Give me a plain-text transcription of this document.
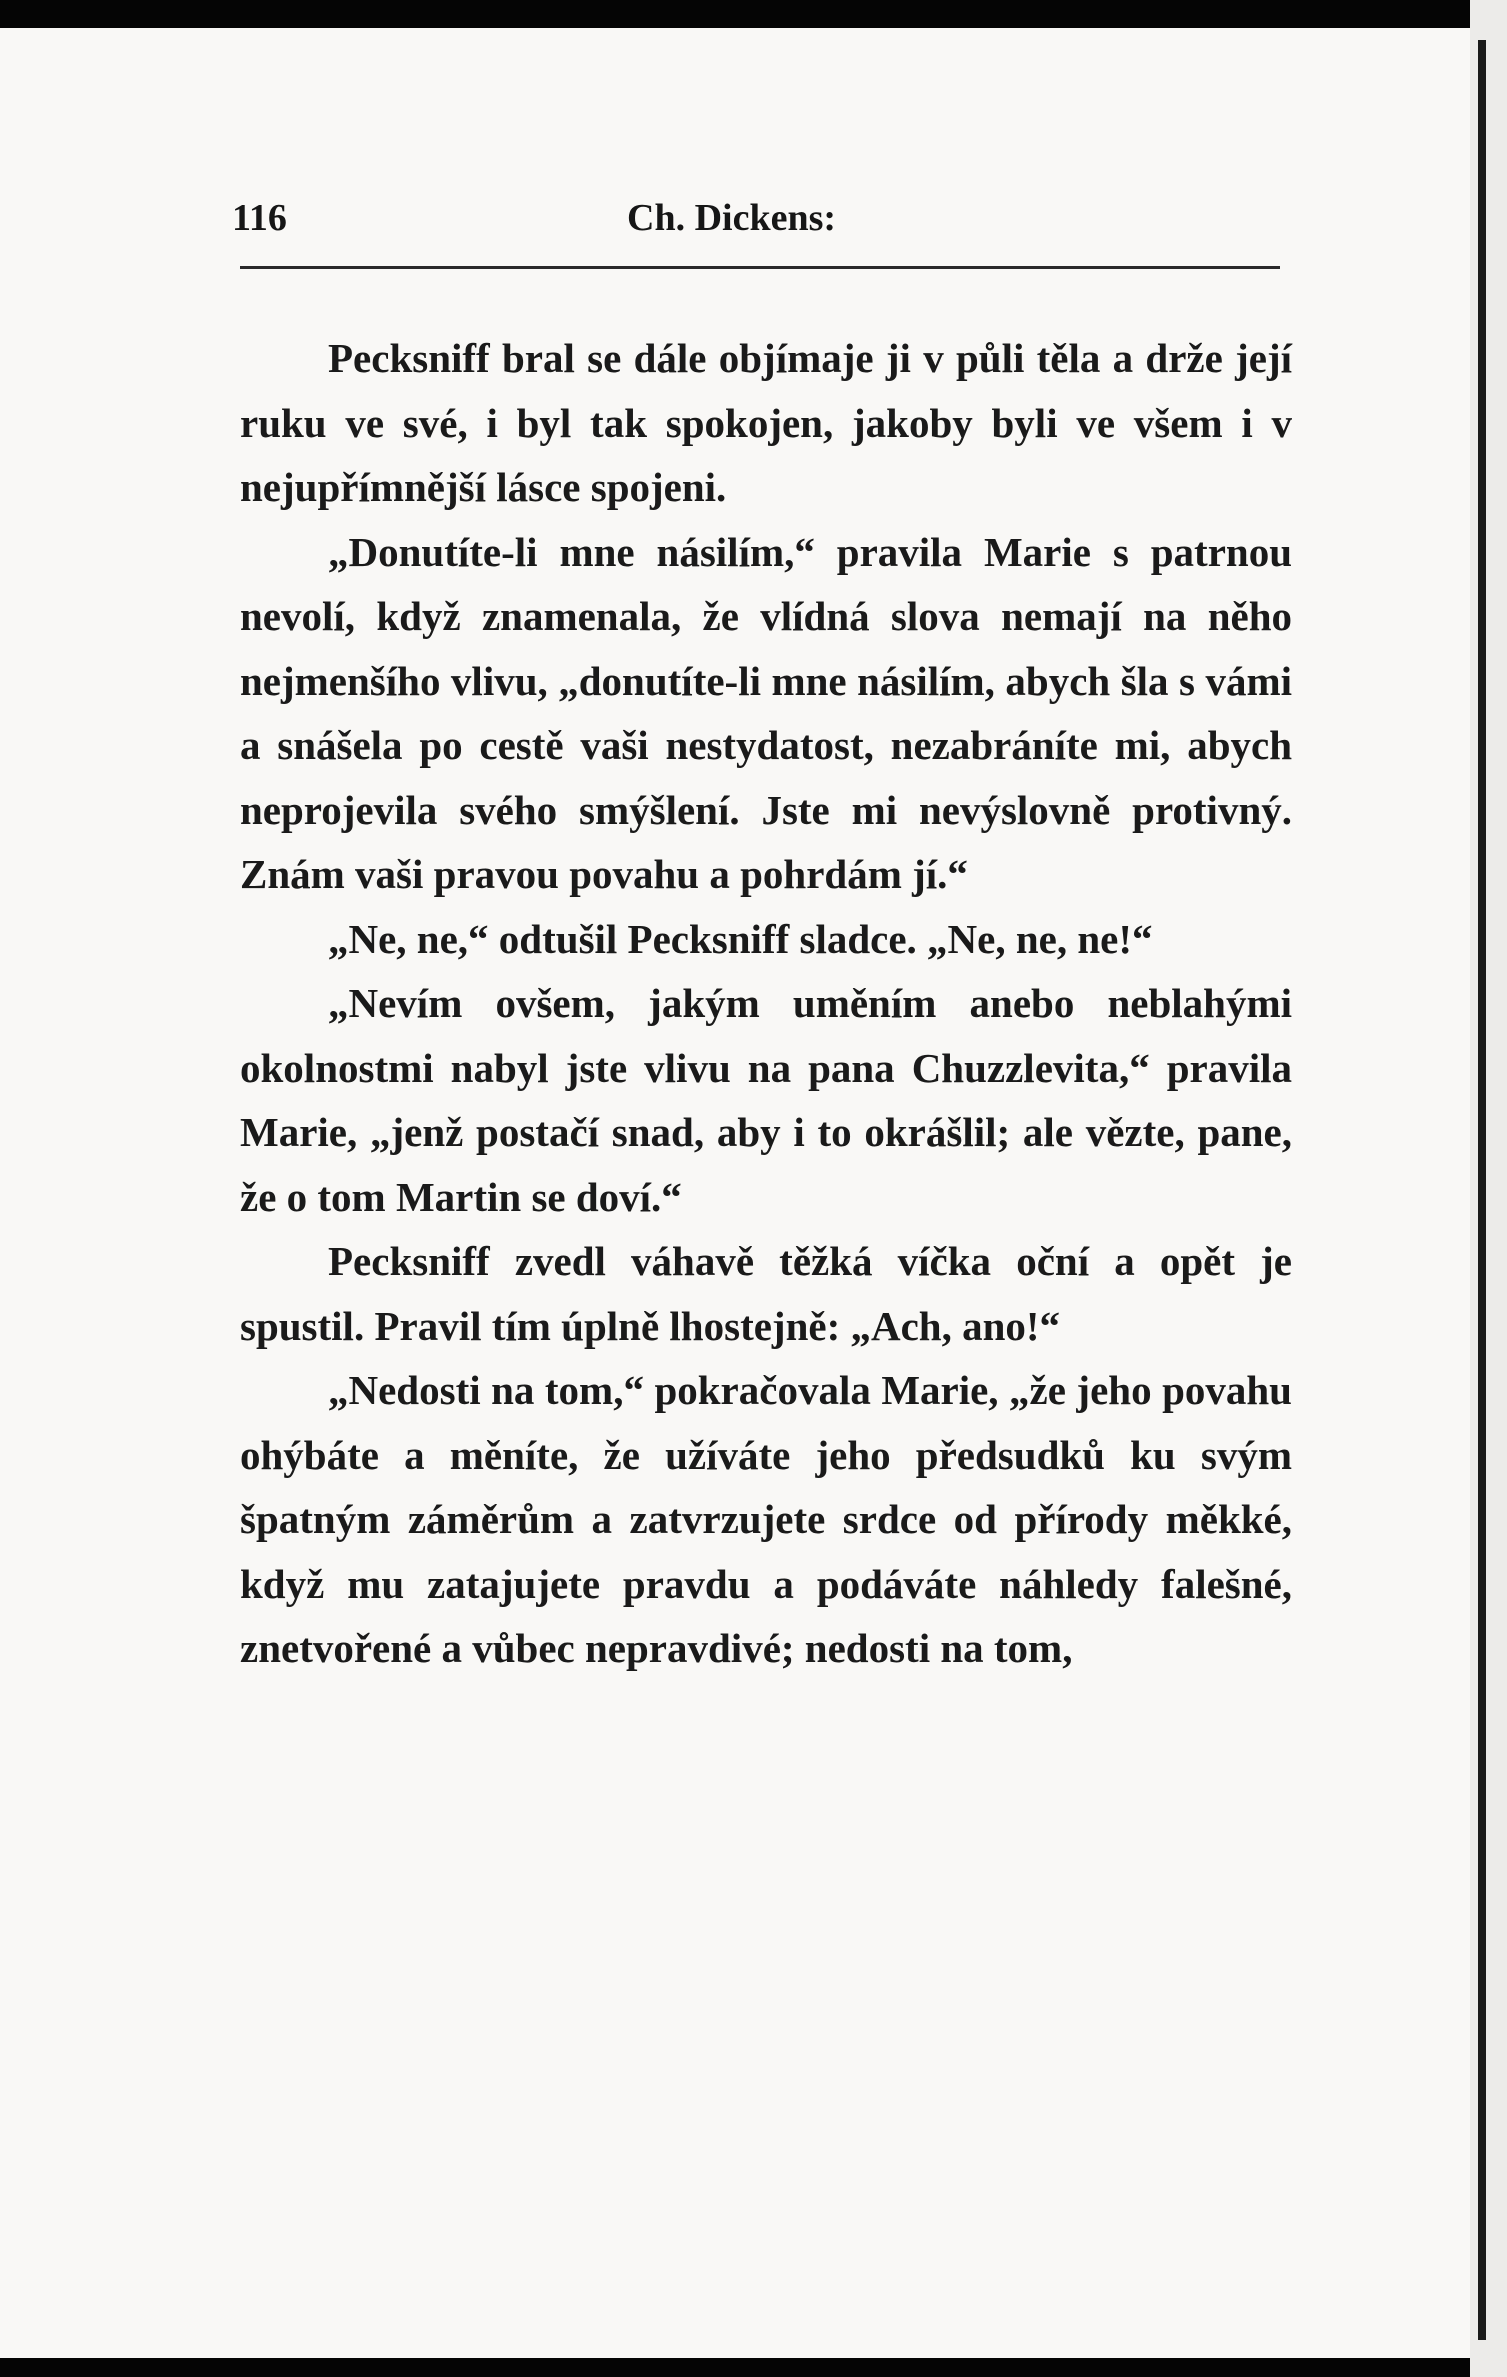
116	Ch. Dickens:

Pecksniff bral se dále objímaje ji v půli těla a drže její ruku ve své, i byl tak spokojen, jakoby byli ve všem i v nejupřímnější lásce spojeni.

„Donutíte-li mne násilím,“ pravila Marie s patrnou nevolí, když znamenala, že vlídná slova nemají na něho nejmenšího vlivu, „donutíte-li mne násilím, abych šla s vámi a snášela po cestě vaši nestydatost, nezabráníte mi, abych neprojevila svého smýšlení. Jste mi nevýslovně protivný. Znám vaši pravou povahu a pohrdám jí.“

„Ne, ne,“ odtušil Pecksniff sladce. „Ne, ne, ne!“

„Nevím ovšem, jakým uměním anebo neblahými okolnostmi nabyl jste vlivu na pana Chuzzlevita,“ pravila Marie, „jenž postačí snad, aby i to okrášlil; ale vězte, pane, že o tom Martin se doví.“

Pecksniff zvedl váhavě těžká víčka oční a opět je spustil. Pravil tím úplně lhostejně: „Ach, ano!“

„Nedosti na tom,“ pokračovala Marie, „že jeho povahu ohýbáte a měníte, že užíváte jeho předsudků ku svým špatným záměrům a zatvrzujete srdce od přírody měkké, když mu zatajujete pravdu a podáváte náhledy falešné, znetvořené a vůbec nepravdivé; nedosti na tom,
